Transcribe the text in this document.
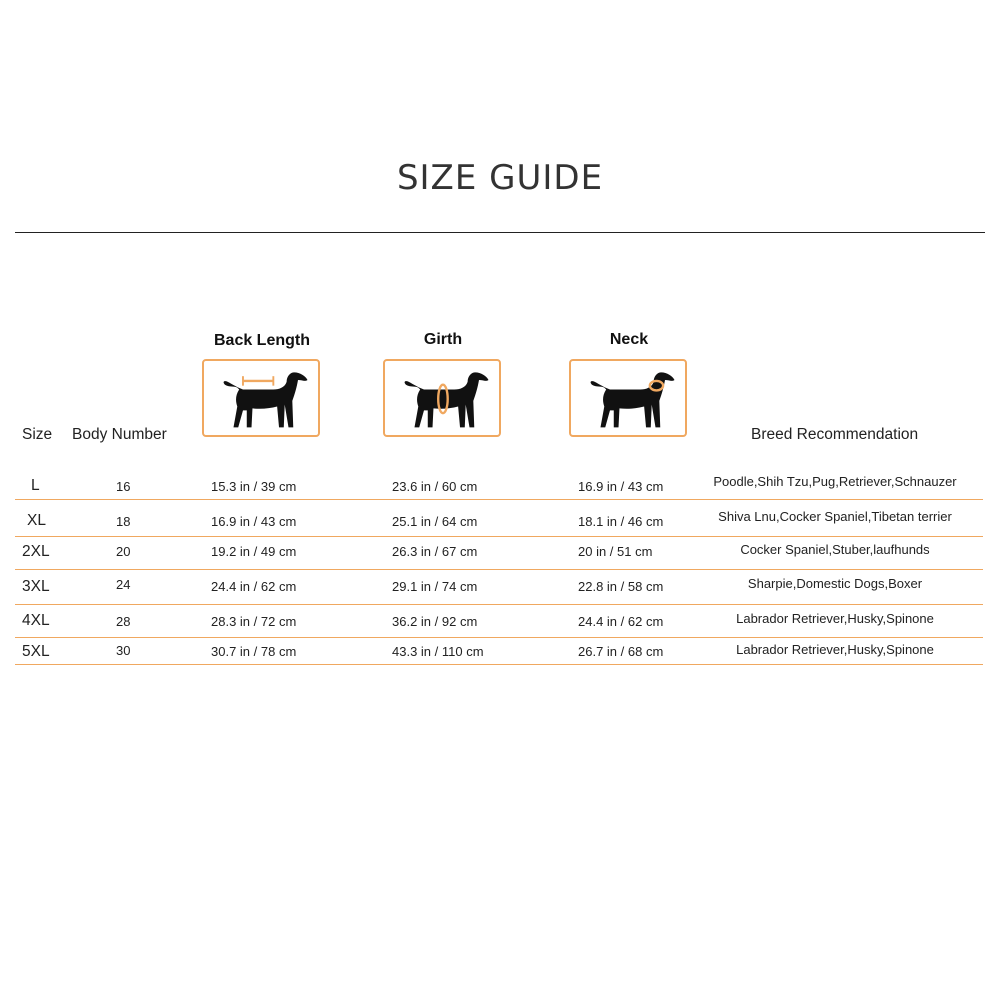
SIZE GUIDE
Back Length	Girth	Neck
Size Body Number	Breed Recommendation
L	16	15.3 in / 39 cm	23.6 in / 60 cm	16.9 in / 43 cm	Poodle,Shih Tzu,Pug,Retriever,Schnauzer
XL	18	16.9 in / 43 cm	25.1 in / 64 cm	18.1 in / 46 cm	Shiva Lnu,Cocker Spaniel,Tibetan terrier
2XL	20	19.2 in / 49 cm	26.3 in / 67 cm	20 in / 51 cm	Cocker Spaniel,Stuber,laufhunds
3XL	24	24.4 in / 62 cm	29.1 in / 74 cm	22.8 in / 58 cm	Sharpie,Domestic Dogs,Boxer
4XL	28	28.3 in / 72 cm	36.2 in / 92 cm	24.4 in / 62 cm	Labrador Retriever,Husky,Spinone
5XL	30	30.7 in / 78 cm	43.3 in / 110 cm	26.7 in / 68 cm	Labrador Retriever,Husky,Spinone
